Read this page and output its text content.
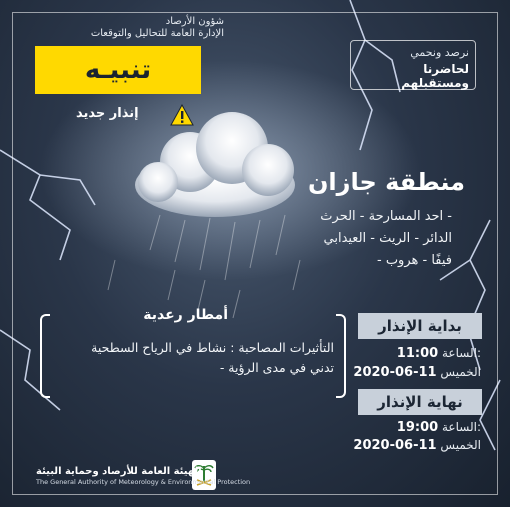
شؤون الأرصاد
الإدارة العامة للتحاليل والتوقعات
تنبيـه
إنذار جديد
نرصد ونحمي
لحاضرنا ومستقبلهم
منطقة جازان
احد المسارحة - الحرث -
الدائر - الريث - العيدابي
- فيفًا - هروب
أمطار رعدية
التأثيرات المصاحبة : نشاط في الرياح السطحية
- تدني في مدى الرؤية
بداية الإنذار
11:00 الساعة:
2020-06-11 الخميس
نهاية الإنذار
19:00 الساعة:
2020-06-11 الخميس
الهيئة العامة للأرصاد وحماية البيئة
The General Authority of Meteorology & Environmental Protection
